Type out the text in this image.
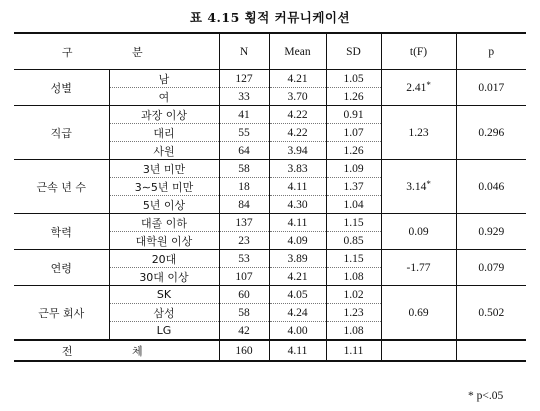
표 4.15 횡적 커뮤니케이션
구 분		N	Mean	SD	t(F)	p
성별	남	127	4.21	1.05	2.41*	0.017
	여	33	3.70	1.26		
직급	과장 이상	41	4.22	0.91	1.23	0.296
	대리	55	4.22	1.07		
	사원	64	3.94	1.26		
근속 년 수	3년 미만	58	3.83	1.09	3.14*	0.046
	3∼5년 미만	18	4.11	1.37		
	5년 이상	84	4.30	1.04		
학력	대졸 이하	137	4.11	1.15	0.09	0.929
	대학원 이상	23	4.09	0.85		
연령	20대	53	3.89	1.15	-1.77	0.079
	30대 이상	107	4.21	1.08		
근무 회사	SK	60	4.05	1.02	0.69	0.502
	삼성	58	4.24	1.23		
	LG	42	4.00	1.08		
전 체		160	4.11	1.11		
* p<.05
